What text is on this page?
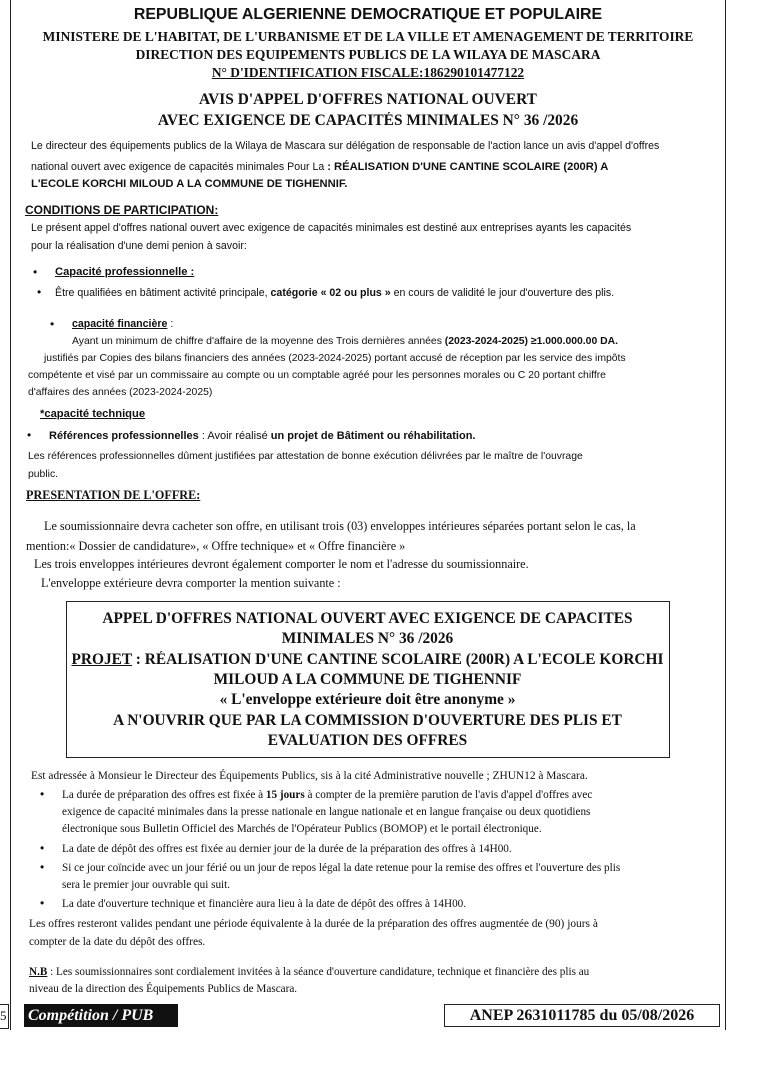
REPUBLIQUE ALGERIENNE DEMOCRATIQUE ET POPULAIRE
MINISTERE DE L'HABITAT, DE L'URBANISME ET DE LA VILLE ET AMENAGEMENT DE TERRITOIRE
DIRECTION DES EQUIPEMENTS PUBLICS DE LA WILAYA DE MASCARA
N° D'IDENTIFICATION FISCALE:186290101477122
AVIS D'APPEL D'OFFRES NATIONAL OUVERT
AVEC EXIGENCE DE CAPACITÉS MINIMALES N° 36 /2026
Le directeur des équipements publics de la Wilaya de Mascara sur délégation de responsable de l'action lance un avis d'appel d'offres
national ouvert avec exigence de capacités minimales Pour La : RÉALISATION D'UNE CANTINE SCOLAIRE (200R) A
L'ECOLE KORCHI MILOUD A LA COMMUNE DE TIGHENNIF.
CONDITIONS DE PARTICIPATION:
Le présent appel d'offres national ouvert avec exigence de capacités minimales est destiné aux entreprises ayants les capacités
pour la réalisation d'une demi penion à savoir:
• Capacité professionnelle :
• Être qualifiées en bâtiment activité principale, catégorie « 02 ou plus » en cours de validité le jour d'ouverture des plis.
• capacité financière :
Ayant un minimum de chiffre d'affaire de la moyenne des Trois dernières années (2023-2024-2025) ≥1.000.000.00 DA.
justifiés par Copies des bilans financiers des années (2023-2024-2025) portant accusé de réception par les service des impôts
compétente et visé par un commissaire au compte ou un comptable agréé pour les personnes morales ou C 20 portant chiffre
d'affaires des années (2023-2024-2025)
*capacité technique
• Références professionnelles : Avoir réalisé un projet de Bâtiment ou réhabilitation.
Les références professionnelles dûment justifiées par attestation de bonne exécution délivrées par le maître de l'ouvrage
public.
PRESENTATION DE L'OFFRE:
Le soumissionnaire devra cacheter son offre, en utilisant trois (03) enveloppes intérieures séparées portant selon le cas, la
mention:« Dossier de candidature», « Offre technique» et « Offre financière »
Les trois enveloppes intérieures devront également comporter le nom et l'adresse du soumissionnaire.
L'enveloppe extérieure devra comporter la mention suivante :
APPEL D'OFFRES NATIONAL OUVERT AVEC EXIGENCE DE CAPACITES
MINIMALES N° 36 /2026
PROJET : RÉALISATION D'UNE CANTINE SCOLAIRE (200R) A L'ECOLE KORCHI
MILOUD A LA COMMUNE DE TIGHENNIF
« L'enveloppe extérieure doit être anonyme »
A N'OUVRIR QUE PAR LA COMMISSION D'OUVERTURE DES PLIS ET
EVALUATION DES OFFRES
Est adressée à Monsieur le Directeur des Équipements Publics, sis à la cité Administrative nouvelle ; ZHUN12 à Mascara.
• La durée de préparation des offres est fixée à 15 jours à compter de la première parution de l'avis d'appel d'offres avec
exigence de capacité minimales dans la presse nationale en langue nationale et en langue française ou deux quotidiens
électronique sous Bulletin Officiel des Marchés de l'Opérateur Publics (BOMOP) et le portail électronique.
• La date de dépôt des offres est fixée au dernier jour de la durée de la préparation des offres à 14H00.
• Si ce jour coïncide avec un jour férié ou un jour de repos légal la date retenue pour la remise des offres et l'ouverture des plis
sera le premier jour ouvrable qui suit.
• La date d'ouverture technique et financière aura lieu à la date de dépôt des offres à 14H00.
Les offres resteront valides pendant une période équivalente à la durée de la préparation des offres augmentée de (90) jours à
compter de la date du dépôt des offres.
N.B : Les soumissionnaires sont cordialement invitées à la séance d'ouverture candidature, technique et financière des plis au
niveau de la direction des Équipements Publics de Mascara.
5 Compétition / PUB	ANEP 2631011785 du 05/08/2026
